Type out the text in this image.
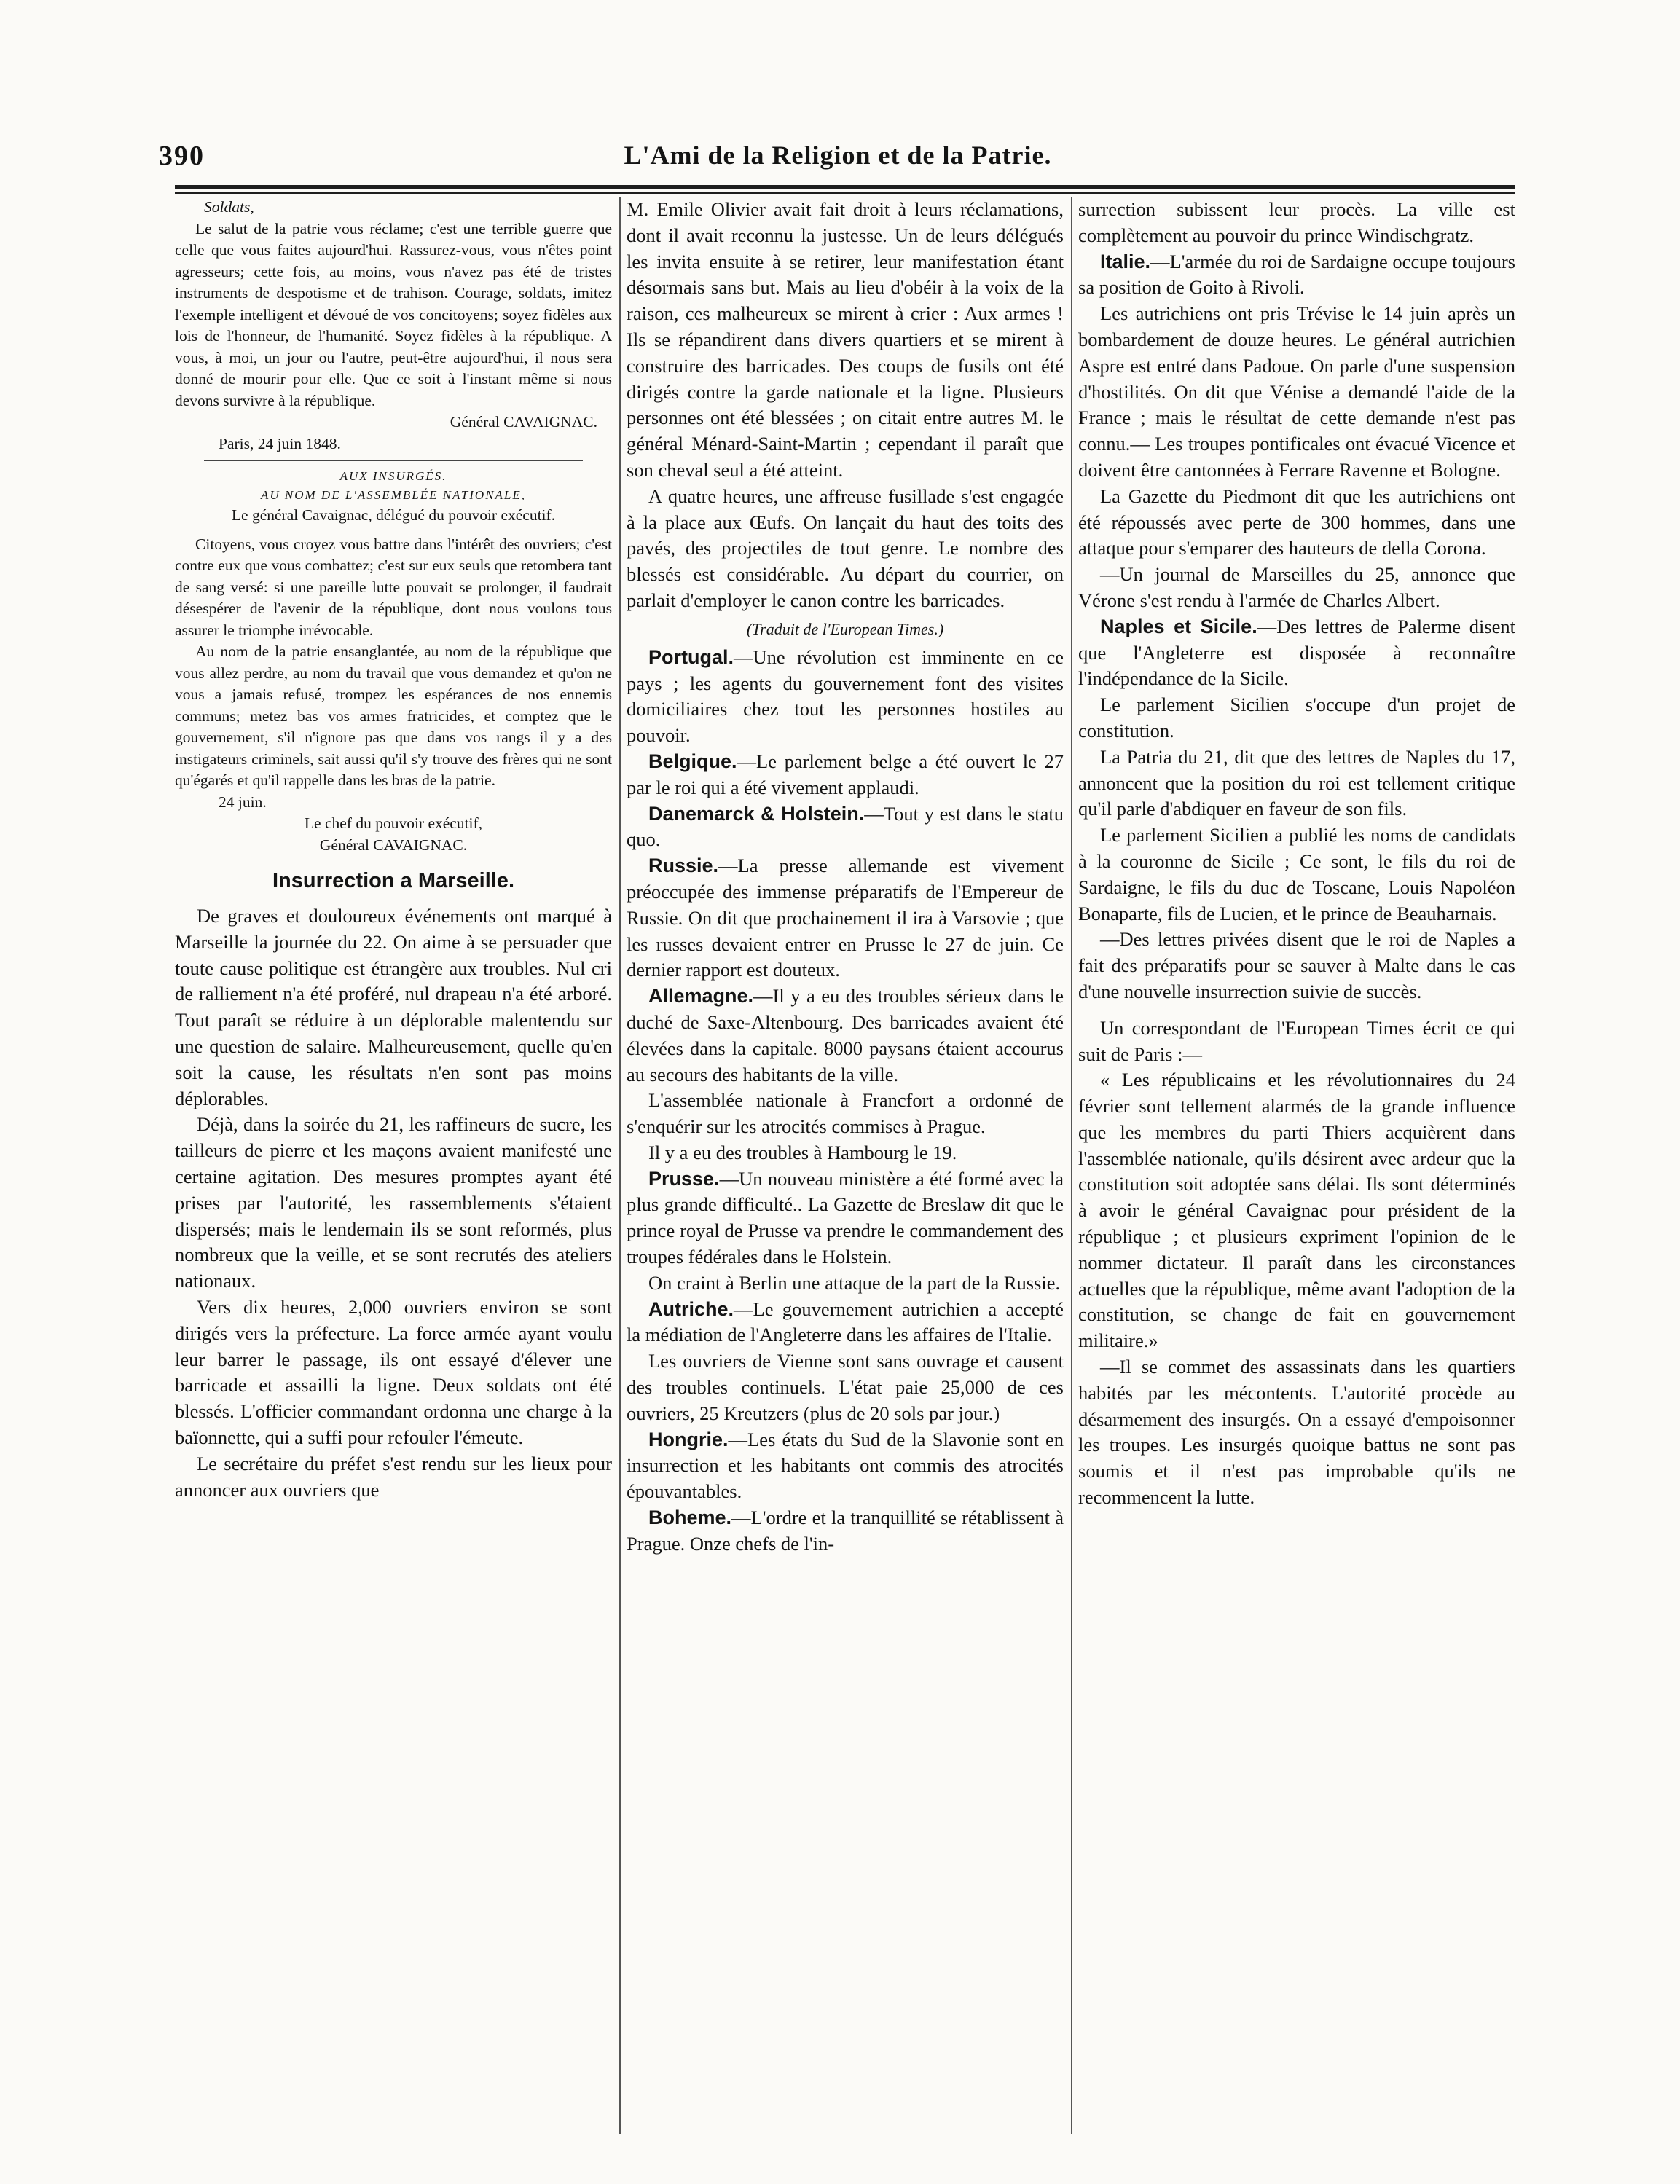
390	L'Ami de la Religion et de la Patrie.

Soldats,

Le salut de la patrie vous réclame; c'est une terrible guerre que celle que vous faites aujourd'hui. Rassurez-vous, vous n'êtes point agresseurs; cette fois, au moins, vous n'avez pas été de tristes instruments de despotisme et de trahison. Courage, soldats, imitez l'exemple intelligent et dévoué de vos concitoyens; soyez fidèles aux lois de l'honneur, de l'humanité. Soyez fidèles à la république. A vous, à moi, un jour ou l'autre, peut-être aujourd'hui, il nous sera donné de mourir pour elle. Que ce soit à l'instant même si nous devons survivre à la république.

Général CAVAIGNAC.

Paris, 24 juin 1848.

AUX INSURGÉS.

AU NOM DE L'ASSEMBLÉE NATIONALE,

Le général Cavaignac, délégué du pouvoir exécutif.

Citoyens, vous croyez vous battre dans l'intérêt des ouvriers; c'est contre eux que vous combattez; c'est sur eux seuls que retombera tant de sang versé: si une pareille lutte pouvait se prolonger, il faudrait désespérer de l'avenir de la république, dont nous voulons tous assurer le triomphe irrévocable.

Au nom de la patrie ensanglantée, au nom de la république que vous allez perdre, au nom du travail que vous demandez et qu'on ne vous a jamais refusé, trompez les espérances de nos ennemis communs; metez bas vos armes fratricides, et comptez que le gouvernement, s'il n'ignore pas que dans vos rangs il y a des instigateurs criminels, sait aussi qu'il s'y trouve des frères qui ne sont qu'égarés et qu'il rappelle dans les bras de la patrie.

24 juin.

Le chef du pouvoir exécutif,

Général CAVAIGNAC.

Insurrection a Marseille.

De graves et douloureux événements ont marqué à Marseille la journée du 22. On aime à se persuader que toute cause politique est étrangère aux troubles. Nul cri de ralliement n'a été proféré, nul drapeau n'a été arboré. Tout paraît se réduire à un déplorable malentendu sur une question de salaire. Malheureusement, quelle qu'en soit la cause, les résultats n'en sont pas moins déplorables.

Déjà, dans la soirée du 21, les raffineurs de sucre, les tailleurs de pierre et les maçons avaient manifesté une certaine agitation. Des mesures promptes ayant été prises par l'autorité, les rassemblements s'étaient dispersés; mais le lendemain ils se sont reformés, plus nombreux que la veille, et se sont recrutés des ateliers nationaux.

Vers dix heures, 2,000 ouvriers environ se sont dirigés vers la préfecture. La force armée ayant voulu leur barrer le passage, ils ont essayé d'élever une barricade et assailli la ligne. Deux soldats ont été blessés. L'officier commandant ordonna une charge à la baïonnette, qui a suffi pour refouler l'émeute.

Le secrétaire du préfet s'est rendu sur les lieux pour annoncer aux ouvriers que

M. Emile Olivier avait fait droit à leurs réclamations, dont il avait reconnu la justesse. Un de leurs délégués les invita ensuite à se retirer, leur manifestation étant désormais sans but. Mais au lieu d'obéir à la voix de la raison, ces malheureux se mirent à crier : Aux armes ! Ils se répandirent dans divers quartiers et se mirent à construire des barricades. Des coups de fusils ont été dirigés contre la garde nationale et la ligne. Plusieurs personnes ont été blessées ; on citait entre autres M. le général Ménard-Saint-Martin ; cependant il paraît que son cheval seul a été atteint.

A quatre heures, une affreuse fusillade s'est engagée à la place aux Œufs. On lançait du haut des toits des pavés, des projectiles de tout genre. Le nombre des blessés est considérable. Au départ du courrier, on parlait d'employer le canon contre les barricades.

(Traduit de l'European Times.)

Portugal.—Une révolution est imminente en ce pays ; les agents du gouvernement font des visites domiciliaires chez tout les personnes hostiles au pouvoir.

Belgique.—Le parlement belge a été ouvert le 27 par le roi qui a été vivement applaudi.

Danemarck & Holstein.—Tout y est dans le statu quo.

Russie.—La presse allemande est vivement préoccupée des immense préparatifs de l'Empereur de Russie. On dit que prochainement il ira à Varsovie ; que les russes devaient entrer en Prusse le 27 de juin. Ce dernier rapport est douteux.

Allemagne.—Il y a eu des troubles sérieux dans le duché de Saxe-Altenbourg. Des barricades avaient été élevées dans la capitale. 8000 paysans étaient accourus au secours des habitants de la ville.

L'assemblée nationale à Francfort a ordonné de s'enquérir sur les atrocités commises à Prague.

Il y a eu des troubles à Hambourg le 19.

Prusse.—Un nouveau ministère a été formé avec la plus grande difficulté.. La Gazette de Breslaw dit que le prince royal de Prusse va prendre le commandement des troupes fédérales dans le Holstein.

On craint à Berlin une attaque de la part de la Russie.

Autriche.—Le gouvernement autrichien a accepté la médiation de l'Angleterre dans les affaires de l'Italie.

Les ouvriers de Vienne sont sans ouvrage et causent des troubles continuels. L'état paie 25,000 de ces ouvriers, 25 Kreutzers (plus de 20 sols par jour.)

Hongrie.—Les états du Sud de la Slavonie sont en insurrection et les habitants ont commis des atrocités épouvantables.

Boheme.—L'ordre et la tranquillité se rétablissent à Prague. Onze chefs de l'in-

surrection subissent leur procès. La ville est complètement au pouvoir du prince Windischgratz.

Italie.—L'armée du roi de Sardaigne occupe toujours sa position de Goito à Rivoli.

Les autrichiens ont pris Trévise le 14 juin après un bombardement de douze heures. Le général autrichien Aspre est entré dans Padoue. On parle d'une suspension d'hostilités. On dit que Vénise a demandé l'aide de la France ; mais le résultat de cette demande n'est pas connu.— Les troupes pontificales ont évacué Vicence et doivent être cantonnées à Ferrare Ravenne et Bologne.

La Gazette du Piedmont dit que les autrichiens ont été répoussés avec perte de 300 hommes, dans une attaque pour s'emparer des hauteurs de della Corona.

—Un journal de Marseilles du 25, annonce que Vérone s'est rendu à l'armée de Charles Albert.

Naples et Sicile.—Des lettres de Palerme disent que l'Angleterre est disposée à reconnaître l'indépendance de la Sicile.

Le parlement Sicilien s'occupe d'un projet de constitution.

La Patria du 21, dit que des lettres de Naples du 17, annoncent que la position du roi est tellement critique qu'il parle d'abdiquer en faveur de son fils.

Le parlement Sicilien a publié les noms de candidats à la couronne de Sicile ; Ce sont, le fils du roi de Sardaigne, le fils du duc de Toscane, Louis Napoléon Bonaparte, fils de Lucien, et le prince de Beauharnais.

—Des lettres privées disent que le roi de Naples a fait des préparatifs pour se sauver à Malte dans le cas d'une nouvelle insurrection suivie de succès.

Un correspondant de l'European Times écrit ce qui suit de Paris :—

« Les républicains et les révolutionnaires du 24 février sont tellement alarmés de la grande influence que les membres du parti Thiers acquièrent dans l'assemblée nationale, qu'ils désirent avec ardeur que la constitution soit adoptée sans délai. Ils sont déterminés à avoir le général Cavaignac pour président de la république ; et plusieurs expriment l'opinion de le nommer dictateur. Il paraît dans les circonstances actuelles que la république, même avant l'adoption de la constitution, se change de fait en gouvernement militaire.»

—Il se commet des assassinats dans les quartiers habités par les mécontents. L'autorité procède au désarmement des insurgés. On a essayé d'empoisonner les troupes. Les insurgés quoique battus ne sont pas soumis et il n'est pas improbable qu'ils ne recommencent la lutte.
